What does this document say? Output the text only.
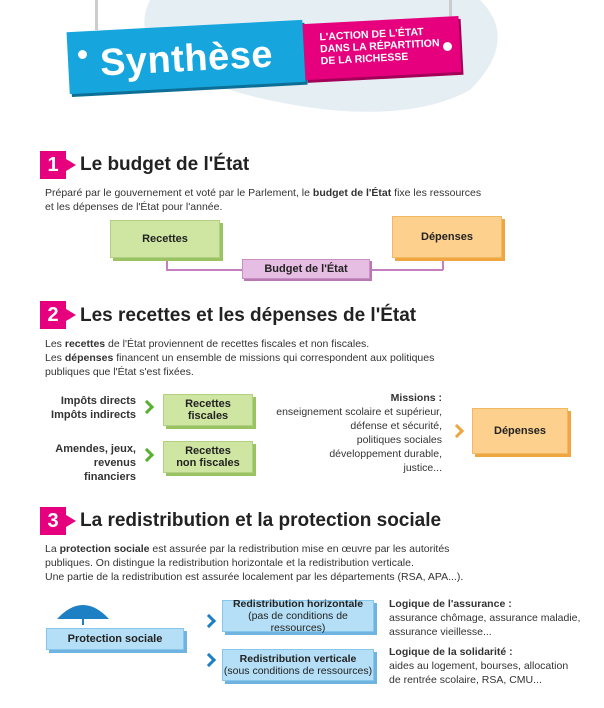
Synthèse	L'ACTION DE L'ÉTAT DANS LA RÉPARTITION DE LA RICHESSE
1	Le budget de l'État
Préparé par le gouvernement et voté par le Parlement, le budget de l'État fixe les ressources
et les dépenses de l'État pour l'année.
Recettes	Dépenses
Budget de l'État
2	Les recettes et les dépenses de l'État
Les recettes de l'État proviennent de recettes fiscales et non fiscales.
Les dépenses financent un ensemble de missions qui correspondent aux politiques
publiques que l'État s'est fixées.
Impôts directs
Impôts indirects
Recettes
fiscales
Amendes, jeux,
revenus financiers
Recettes
non fiscales
Missions :
enseignement scolaire et supérieur,
défense et sécurité,
politiques sociales
développement durable,
justice...
Dépenses
3	La redistribution et la protection sociale
La protection sociale est assurée par la redistribution mise en œuvre par les autorités
publiques. On distingue la redistribution horizontale et la redistribution verticale.
Une partie de la redistribution est assurée localement par les départements (RSA, APA...).
Protection sociale
Redistribution horizontale
(pas de conditions de ressources)
Redistribution verticale
(sous conditions de ressources)
Logique de l'assurance :
assurance chômage, assurance maladie,
assurance vieillesse...
Logique de la solidarité :
aides au logement, bourses, allocation
de rentrée scolaire, RSA, CMU...
